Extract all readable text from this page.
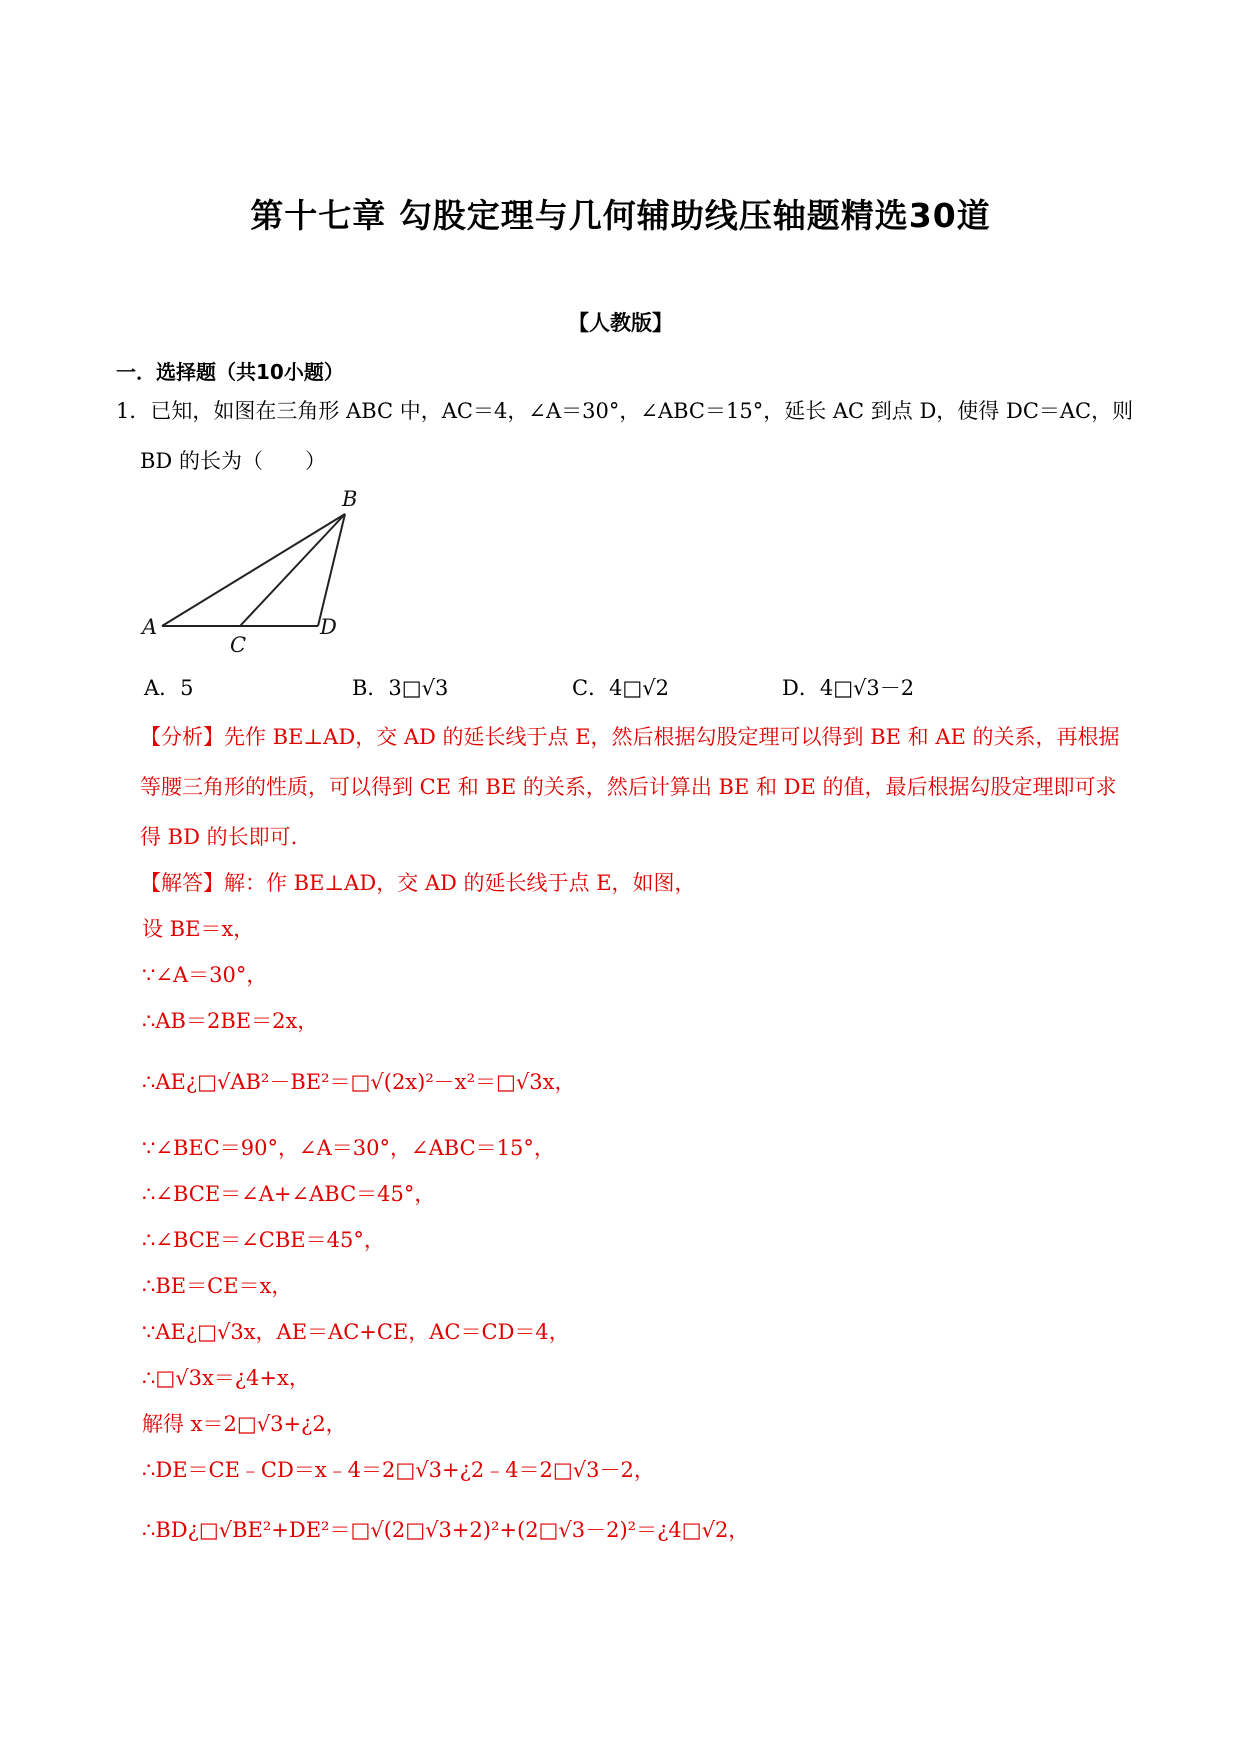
第十七章 勾股定理与几何辅助线压轴题精选30道
【人教版】
一．选择题（共10小题）
1．已知，如图在三角形 ABC 中，AC＝4，∠A＝30°，∠ABC＝15°，延长 AC 到点 D，使得 DC＝AC，则
BD 的长为（　　）
A
B
C
D
A．5	B．3□√3	C．4□√2	D．4□√3－2
【分析】先作 BE⊥AD，交 AD 的延长线于点 E，然后根据勾股定理可以得到 BE 和 AE 的关系，再根据
等腰三角形的性质，可以得到 CE 和 BE 的关系，然后计算出 BE 和 DE 的值，最后根据勾股定理即可求
得 BD 的长即可.
【解答】解：作 BE⊥AD，交 AD 的延长线于点 E，如图，
设 BE＝x，
∵∠A＝30°，
∴AB＝2BE＝2x，
∴AE¿□√AB²－BE²＝□√(2x)²－x²＝□√3x，
∵∠BEC＝90°，∠A＝30°，∠ABC＝15°，
∴∠BCE＝∠A+∠ABC＝45°，
∴∠BCE＝∠CBE＝45°，
∴BE＝CE＝x，
∵AE¿□√3x，AE＝AC+CE，AC＝CD＝4，
∴□√3x＝¿4+x，
解得 x＝2□√3+¿2，
∴DE＝CE﹣CD＝x﹣4＝2□√3+¿2﹣4＝2□√3－2，
∴BD¿□√BE²+DE²＝□√(2□√3+2)²+(2□√3－2)²＝¿4□√2，
